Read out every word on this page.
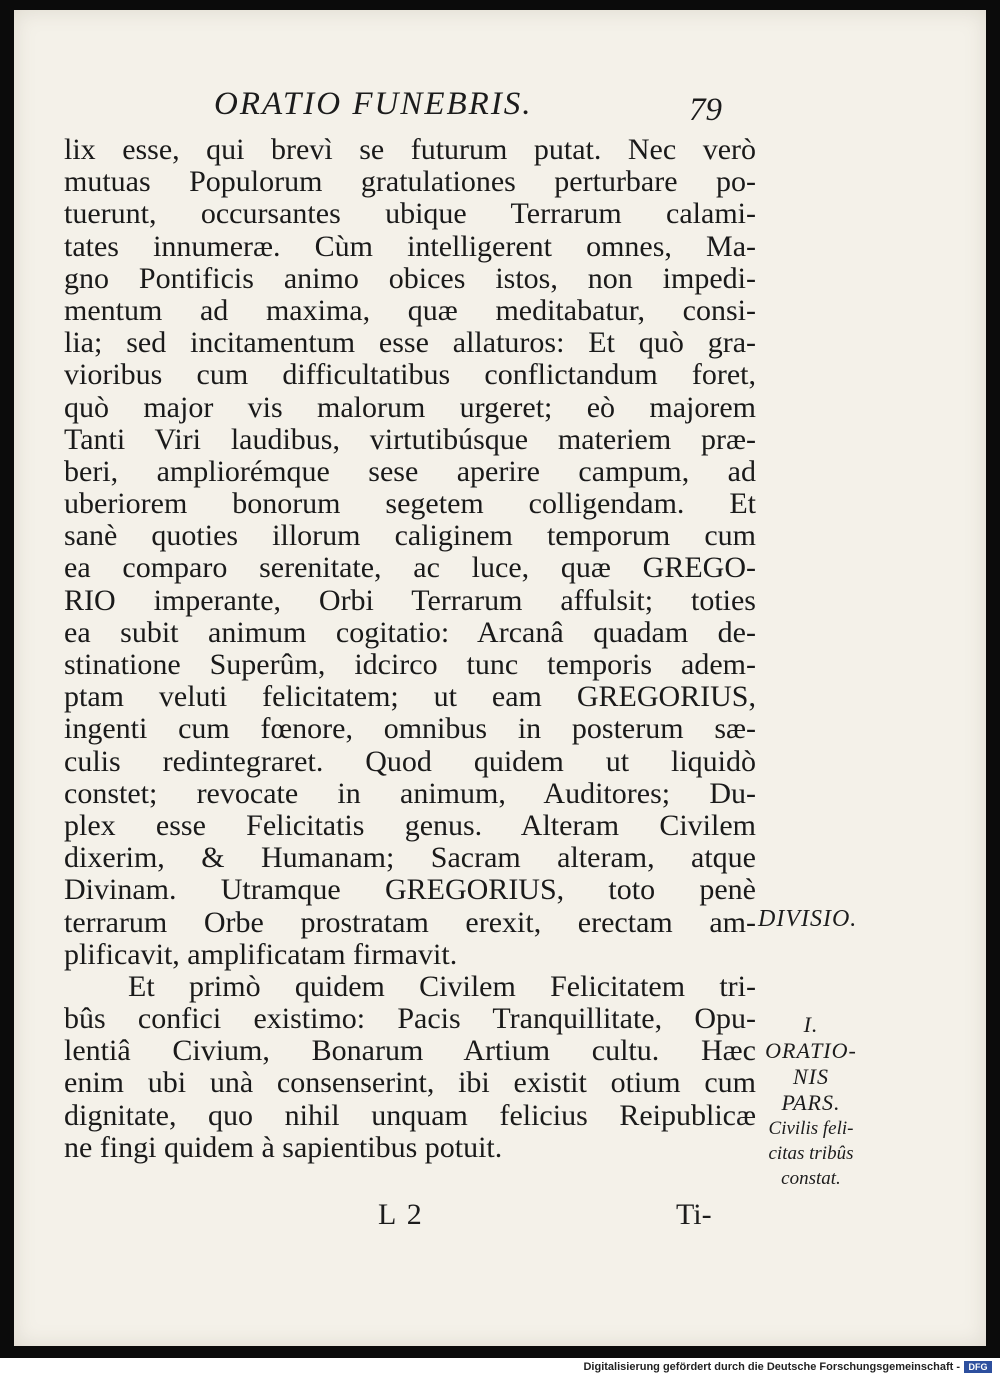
ORATIO FUNEBRIS.	79
lix esse, qui brevì se futurum putat. Nec verò
mutuas Populorum gratulationes perturbare po-
tuerunt, occursantes ubique Terrarum calami-
tates innumeræ. Cùm intelligerent omnes, Ma-
gno Pontificis animo obices istos, non impedi-
mentum ad maxima, quæ meditabatur, consi-
lia; sed incitamentum esse allaturos: Et quò gra-
vioribus cum difficultatibus conflictandum foret,
quò major vis malorum urgeret; eò majorem
Tanti Viri laudibus, virtutibúsque materiem præ-
beri, ampliorémque sese aperire campum, ad
uberiorem bonorum segetem colligendam. Et
sanè quoties illorum caliginem temporum cum
ea comparo serenitate, ac luce, quæ GREGO-
RIO imperante, Orbi Terrarum affulsit; toties
ea subit animum cogitatio: Arcanâ quadam de-
stinatione Superûm, idcirco tunc temporis adem-
ptam veluti felicitatem; ut eam GREGORIUS,
ingenti cum fœnore, omnibus in posterum sæ-
culis redintegraret. Quod quidem ut liquidò
constet; revocate in animum, Auditores; Du-
plex esse Felicitatis genus. Alteram Civilem
dixerim, & Humanam; Sacram alteram, atque
Divinam. Utramque GREGORIUS, toto penè
terrarum Orbe prostratam erexit, erectam am-
plificavit, amplificatam firmavit.
Et primò quidem Civilem Felicitatem tri-
bûs confici existimo: Pacis Tranquillitate, Opu-
lentiâ Civium, Bonarum Artium cultu. Hæc
enim ubi unà consenserint, ibi existit otium cum
dignitate, quo nihil unquam felicius Reipublicæ
ne fingi quidem à sapientibus potuit.
DIVISIO.
I.
ORATIO-
NIS
PARS.
Civilis feli-
citas tribûs
constat.
L 2	Ti-
Digitalisierung gefördert durch die Deutsche Forschungsgemeinschaft - DFG
